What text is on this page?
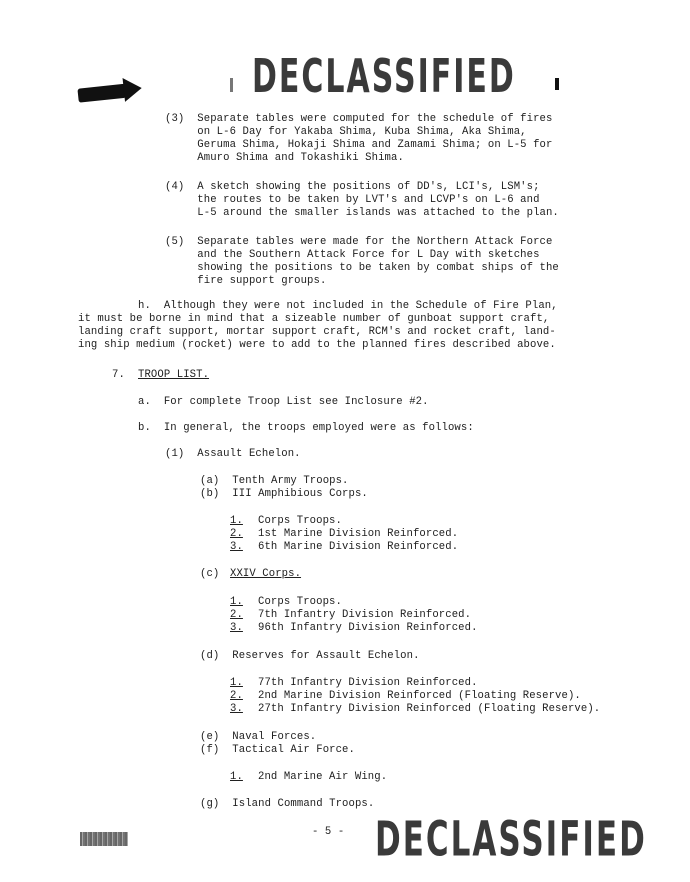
DECLASSIFIED
(3)  Separate tables were computed for the schedule of fires
on L-6 Day for Yakaba Shima, Kuba Shima, Aka Shima,
Geruma Shima, Hokaji Shima and Zamami Shima; on L-5 for
Amuro Shima and Tokashiki Shima.
(4)  A sketch showing the positions of DD's, LCI's, LSM's;
the routes to be taken by LVT's and LCVP's on L-6 and
L-5 around the smaller islands was attached to the plan.
(5)  Separate tables were made for the Northern Attack Force
and the Southern Attack Force for L Day with sketches
showing the positions to be taken by combat ships of the
fire support groups.
h.  Although they were not included in the Schedule of Fire Plan,
it must be borne in mind that a sizeable number of gunboat support craft,
landing craft support, mortar support craft, RCM's and rocket craft, land-
ing ship medium (rocket) were to add to the planned fires described above.
7. TROOP LIST.
a.  For complete Troop List see Inclosure #2.
b.  In general, the troops employed were as follows:
(1)  Assault Echelon.
(a)  Tenth Army Troops.
(b)  III Amphibious Corps.
1. Corps Troops.
2. 1st Marine Division Reinforced.
3. 6th Marine Division Reinforced.
(c) XXIV Corps.
1. Corps Troops.
2. 7th Infantry Division Reinforced.
3. 96th Infantry Division Reinforced.
(d)  Reserves for Assault Echelon.
1. 77th Infantry Division Reinforced.
2. 2nd Marine Division Reinforced (Floating Reserve).
3. 27th Infantry Division Reinforced (Floating Reserve).
(e)  Naval Forces.
(f)  Tactical Air Force.
1. 2nd Marine Air Wing.
(g)  Island Command Troops.
- 5 - DECLASSIFIED
